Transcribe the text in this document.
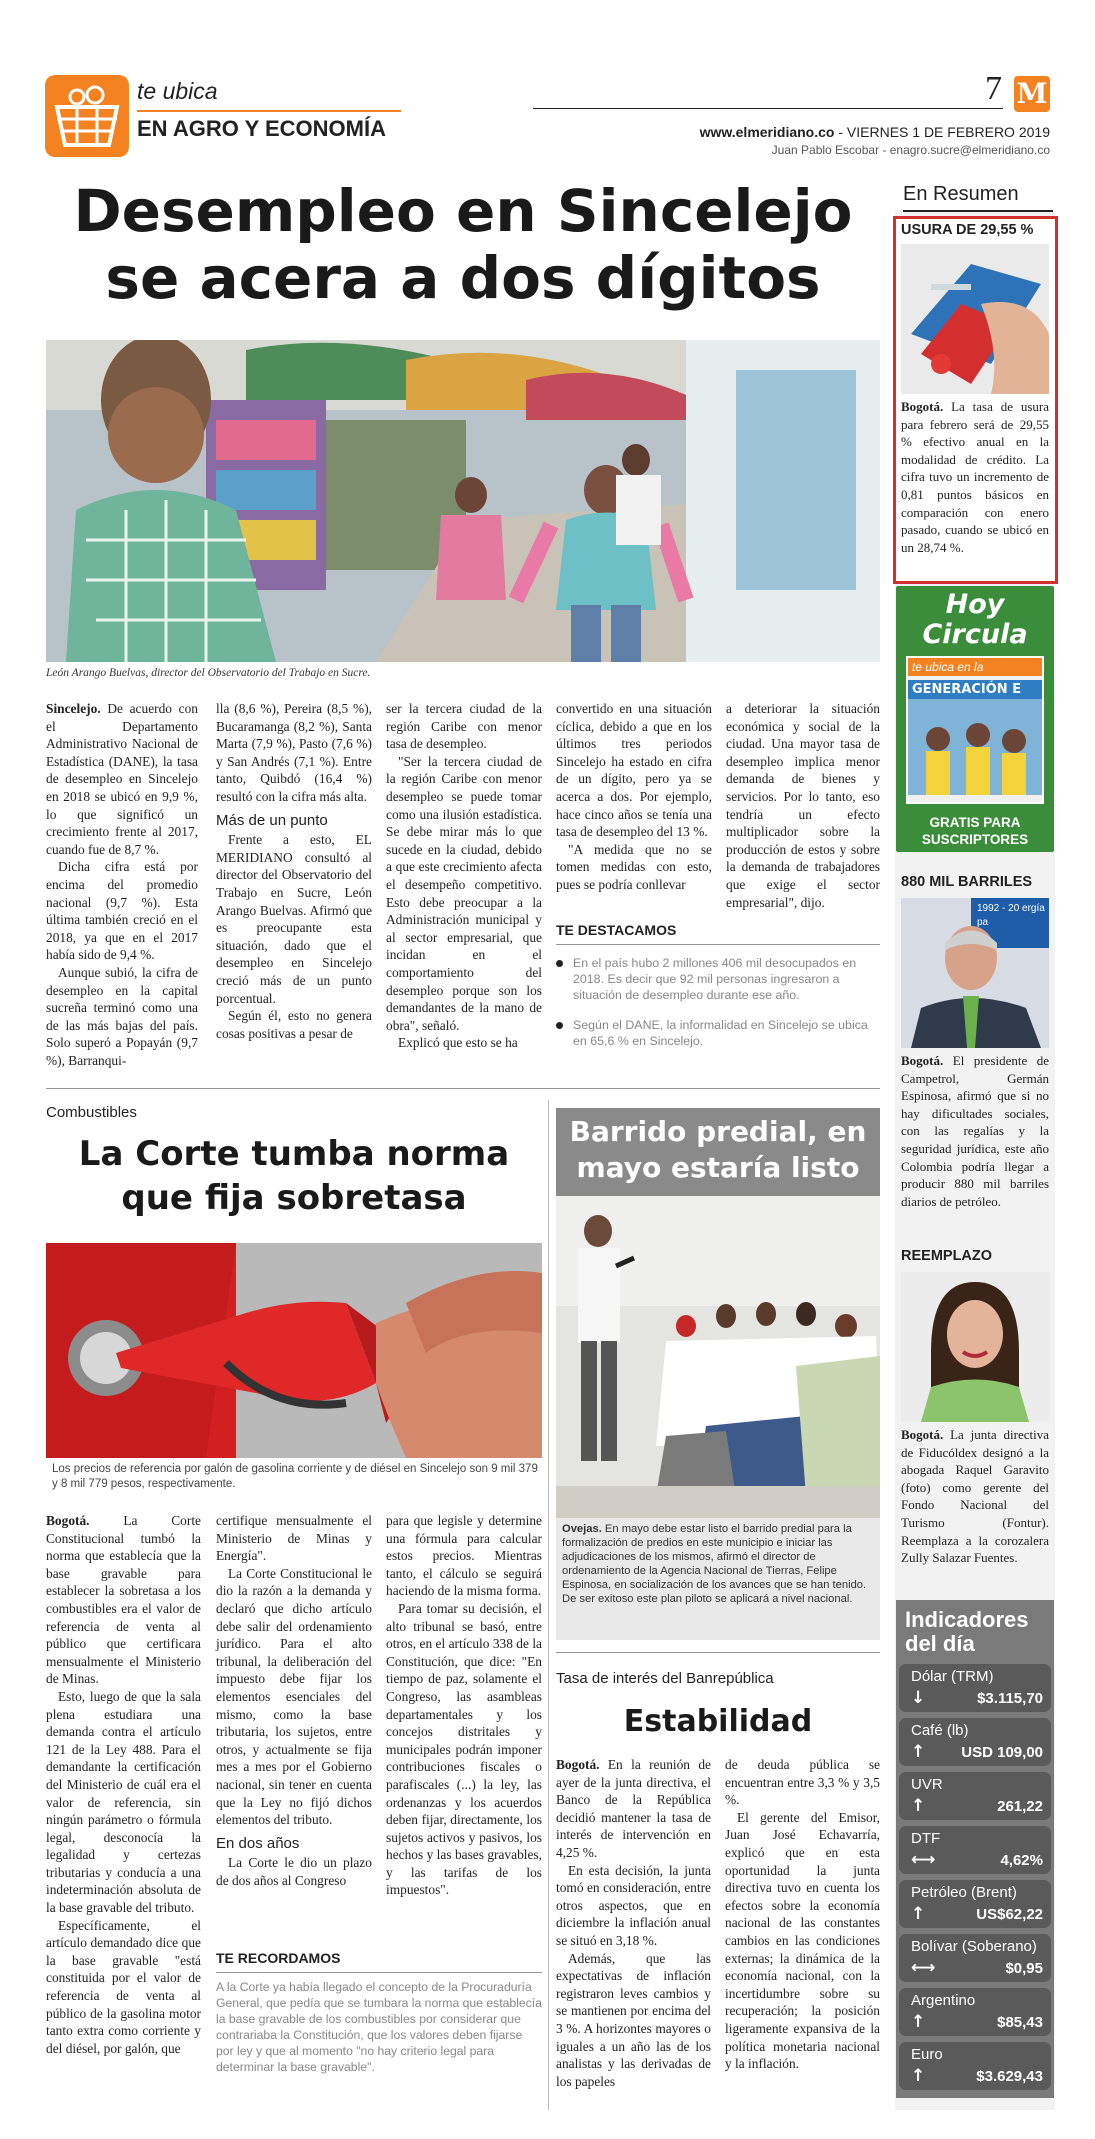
te ubica
EN AGRO Y ECONOMÍA
7 M
www.elmeridiano.co - VIERNES 1 DE FEBRERO 2019
Juan Pablo Escobar - enagro.sucre@elmeridiano.co
Desempleo en Sincelejo
se acera a dos dígitos
León Arango Buelvas, director del Observatorio del Trabajo en Sucre.

Sincelejo. De acuerdo con el Departamento Administrativo Nacional de Estadística (DANE), la tasa de desempleo en Sincelejo en 2018 se ubicó en 9,9 %, lo que significó un crecimiento frente al 2017, cuando fue de 8,7 %.

Dicha cifra está por encima del promedio nacional (9,7 %). Esta última también creció en el 2018, ya que en el 2017 había sido de 9,4 %.

Aunque subió, la cifra de desempleo en la capital sucreña terminó como una de las más bajas del país. Solo superó a Popayán (9,7 %), Barranqui-

lla (8,6 %), Pereira (8,5 %), Bucaramanga (8,2 %), Santa Marta (7,9 %), Pasto (7,6 %) y San Andrés (7,1 %). Entre tanto, Quibdó (16,4 %) resultó con la cifra más alta.

Más de un punto

Frente a esto, EL MERIDIANO consultó al director del Observatorio del Trabajo en Sucre, León Arango Buelvas. Afirmó que es preocupante esta situación, dado que el desempleo en Sincelejo creció más de un punto porcentual.

Según él, esto no genera cosas positivas a pesar de

ser la tercera ciudad de la región Caribe con menor tasa de desempleo.

"Ser la tercera ciudad de la región Caribe con menor desempleo se puede tomar como una ilusión estadística. Se debe mirar más lo que sucede en la ciudad, debido a que este crecimiento afecta el desempeño competitivo. Esto debe preocupar a la Administración municipal y al sector empresarial, que incidan en el comportamiento del desempleo porque son los demandantes de la mano de obra", señaló.

Explicó que esto se ha

convertido en una situación cíclica, debido a que en los últimos tres periodos Sincelejo ha estado en cifra de un dígito, pero ya se acerca a dos. Por ejemplo, hace cinco años se tenía una tasa de desempleo del 13 %.

"A medida que no se tomen medidas con esto, pues se podría conllevar

a deteriorar la situación económica y social de la ciudad. Una mayor tasa de desempleo implica menor demanda de bienes y servicios. Por lo tanto, eso tendría un efecto multiplicador sobre la producción de estos y sobre la demanda de trabajadores que exige el sector empresarial", dijo.

TE DESTACAMOS
En el país hubo 2 millones 406 mil desocupados en 2018. Es decir que 92 mil personas ingresaron a situación de desempleo durante ese año.
Según el DANE, la informalidad en Sincelejo se ubica en 65,6 % en Sincelejo.
Combustibles
La Corte tumba norma
que fija sobretasa
Los precios de referencia por galón de gasolina corriente y de diésel en Sincelejo son 9 mil 379 y 8 mil 779 pesos, respectivamente.

Bogotá. La Corte Constitucional tumbó la norma que establecía que la base gravable para establecer la sobretasa a los combustibles era el valor de referencia de venta al público que certificara mensualmente el Ministerio de Minas.

Esto, luego de que la sala plena estudiara una demanda contra el artículo 121 de la Ley 488. Para el demandante la certificación del Ministerio de cuál era el valor de referencia, sin ningún parámetro o fórmula legal, desconocía la legalidad y certezas tributarias y conducía a una indeterminación absoluta de la base gravable del tributo.

Específicamente, el artículo demandado dice que la base gravable "está constituida por el valor de referencia de venta al público de la gasolina motor tanto extra como corriente y del diésel, por galón, que

certifique mensualmente el Ministerio de Minas y Energía".

La Corte Constitucional le dio la razón a la demanda y declaró que dicho artículo debe salir del ordenamiento jurídico. Para el alto tribunal, la deliberación del impuesto debe fijar los elementos esenciales del mismo, como la base tributaria, los sujetos, entre otros, y actualmente se fija mes a mes por el Gobierno nacional, sin tener en cuenta que la Ley no fijó dichos elementos del tributo.

En dos años

La Corte le dio un plazo de dos años al Congreso

para que legisle y determine una fórmula para calcular estos precios. Mientras tanto, el cálculo se seguirá haciendo de la misma forma.

Para tomar su decisión, el alto tribunal se basó, entre otros, en el artículo 338 de la Constitución, que dice: "En tiempo de paz, solamente el Congreso, las asambleas departamentales y los concejos distritales y municipales podrán imponer contribuciones fiscales o parafiscales (...) la ley, las ordenanzas y los acuerdos deben fijar, directamente, los sujetos activos y pasivos, los hechos y las bases gravables, y las tarifas de los impuestos".

TE RECORDAMOS
A la Corte ya había llegado el concepto de la Procuraduría General, que pedía que se tumbara la norma que establecía la base gravable de los combustibles por considerar que contrariaba la Constitución, que los valores deben fijarse por ley y que al momento "no hay criterio legal para determinar la base gravable".
Barrido predial, en
mayo estaría listo
Ovejas. En mayo debe estar listo el barrido predial para la formalización de predios en este municipio e iniciar las adjudicaciones de los mismos, afirmó el director de ordenamiento de la Agencia Nacional de Tierras, Felipe Espinosa, en socialización de los avances que se han tenido. De ser exitoso este plan piloto se aplicará a nivel nacional.
Tasa de interés del Banrepública
Estabilidad

Bogotá. En la reunión de ayer de la junta directiva, el Banco de la República decidió mantener la tasa de interés de intervención en 4,25 %.

En esta decisión, la junta tomó en consideración, entre otros aspectos, que en diciembre la inflación anual se situó en 3,18 %.

Además, que las expectativas de inflación registraron leves cambios y se mantienen por encima del 3 %. A horizontes mayores o iguales a un año las de los analistas y las derivadas de los papeles

de deuda pública se encuentran entre 3,3 % y 3,5 %.

El gerente del Emisor, Juan José Echavarría, explicó que en esta oportunidad la junta directiva tuvo en cuenta los efectos sobre la economía nacional de las constantes cambios en las condiciones externas; la dinámica de la economía nacional, con la incertidumbre sobre su recuperación; la posición ligeramente expansiva de la política monetaria nacional y la inflación.

En Resumen
USURA DE 29,55 %
Bogotá. La tasa de usura para febrero será de 29,55 % efectivo anual en la modalidad de crédito. La cifra tuvo un incremento de 0,81 puntos básicos en comparación con enero pasado, cuando se ubicó en un 28,74 %.
Hoy
Circula
te ubica en la
GENERACIÓN E
GRATIS PARA SUSCRIPTORES
880 MIL BARRILES
1992 - 20 ergía pa
Bogotá. El presidente de Campetrol, Germán Espinosa, afirmó que si no hay dificultades sociales, con las regalías y la seguridad jurídica, este año Colombia podría llegar a producir 880 mil barriles diarios de petróleo.
REEMPLAZO
Bogotá. La junta directiva de Fiducóldex designó a la abogada Raquel Garavito (foto) como gerente del Fondo Nacional del Turismo (Fontur). Reemplaza a la corozalera Zully Salazar Fuentes.
Indicadores
del día
Dólar (TRM)
↓	$3.115,70
Café (lb)
↑ USD 109,00
UVR
↑	261,22
DTF
⟷	4,62%
Petróleo (Brent)
↑	US$62,22
Bolívar (Soberano)
⟷	$0,95
Argentino
↑	$85,43
Euro
↑	$3.629,43
